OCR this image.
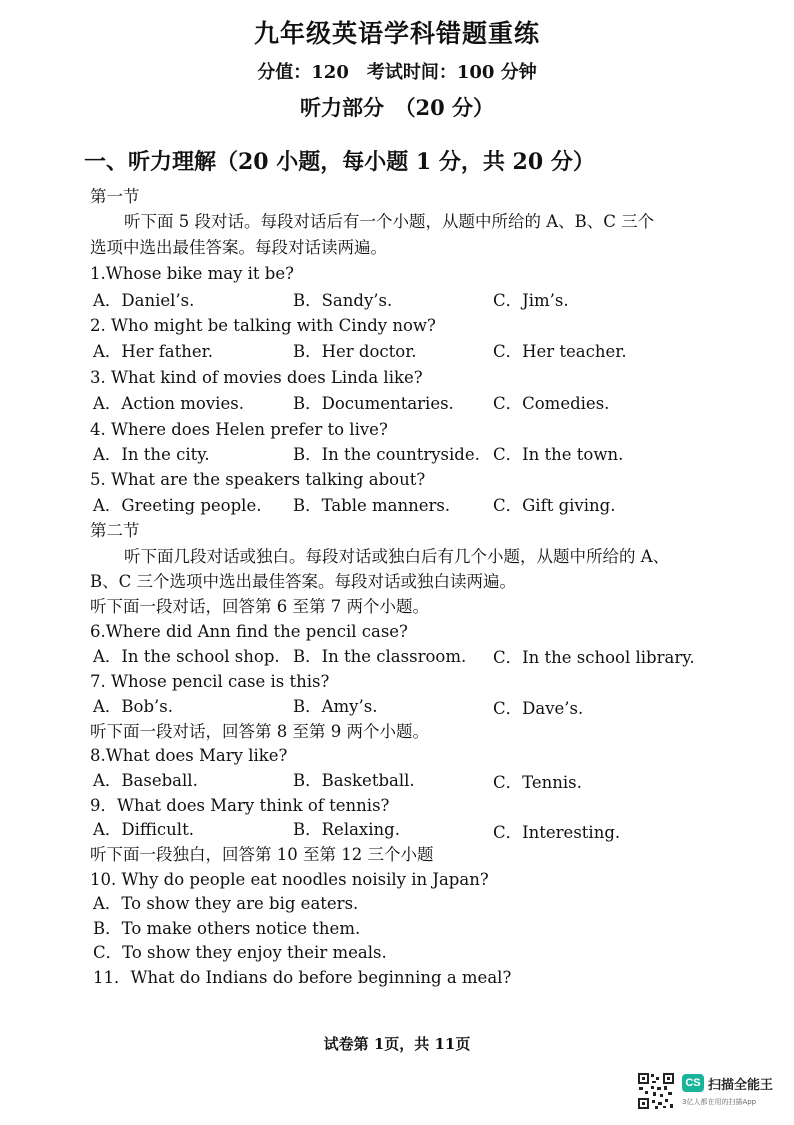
九年级英语学科错题重练
分值：120　考试时间：100 分钟
听力部分　（20 分）
一、听力理解（20 小题，每小题 1 分，共 20 分）
第一节
听下面 5 段对话。每段对话后有一个小题，从题中所给的 A、B、C 三个
选项中选出最佳答案。每段对话读两遍。
1.Whose bike may it be?
A．Daniel’s.	B．Sandy’s.	C．Jim’s.
2. Who might be talking with Cindy now?
A．Her father.	B．Her doctor.	C．Her teacher.
3. What kind of movies does Linda like?
A．Action movies.	B．Documentaries. C．Comedies.
4. Where does Helen prefer to live?
A．In the city.	B．In the countryside. C．In the town.
5. What are the speakers talking about?
A．Greeting people. B．Table manners.	C．Gift giving.
第二节
听下面几段对话或独白。每段对话或独白后有几个小题，从题中所给的 A、
B、C 三个选项中选出最佳答案。每段对话或独白读两遍。
听下面一段对话，回答第 6 至第 7 两个小题。
6.Where did Ann find the pencil case?
A．In the school shop. B．In the classroom. C．In the school library.
7. Whose pencil case is this?
A．Bob’s.	B．Amy’s.	C．Dave’s.
听下面一段对话，回答第 8 至第 9 两个小题。
8.What does Mary like?
A．Baseball.	B．Basketball.	C．Tennis.
9．What does Mary think of tennis?
A．Difficult.	B．Relaxing.	C．Interesting.
听下面一段独白，回答第 10 至第 12 三个小题
10. Why do people eat noodles noisily in Japan?
A．To show they are big eaters.
B．To make others notice them.
C．To show they enjoy their meals.
11．What do Indians do before beginning a meal?
试卷第 1页，共 11页
CS 扫描全能王
3亿人都在用的扫描App
